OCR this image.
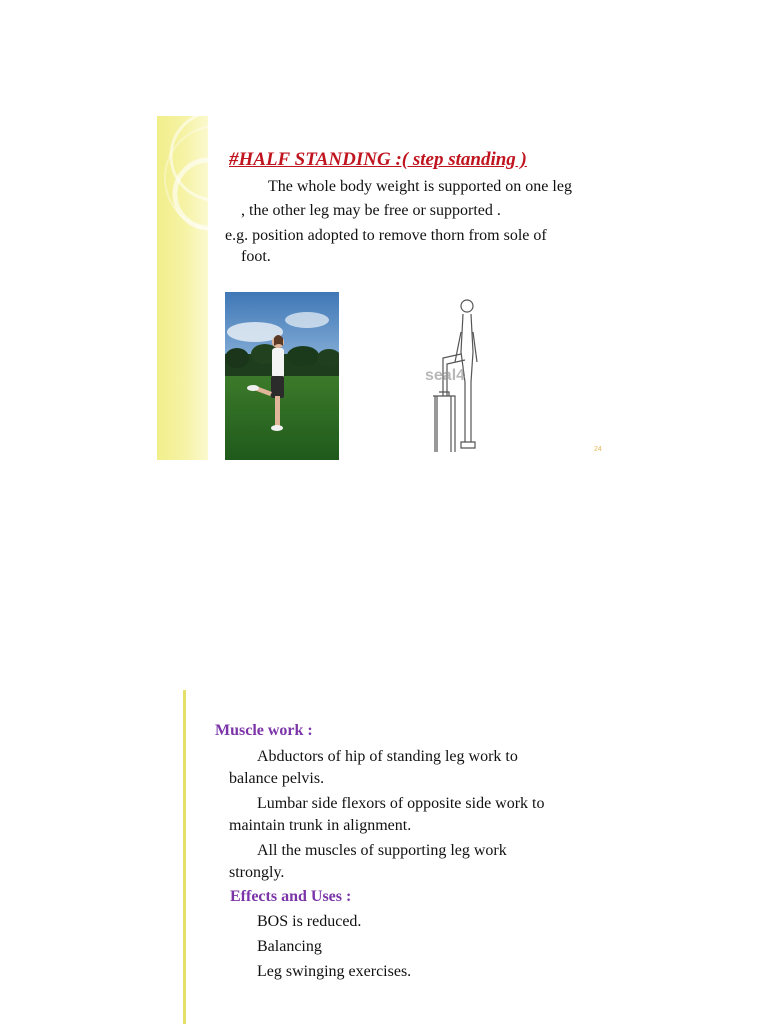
#HALF STANDING :( step standing )

The whole body weight is supported on one leg

, the other leg may be free or supported .

e.g. position adopted to remove thorn from sole of

foot.

seal4
24
Muscle work :

Abductors of hip of standing leg work to

balance pelvis.

Lumbar side flexors of opposite side work to

maintain trunk in alignment.

All the muscles of supporting leg work

strongly.

Effects and Uses :

BOS is reduced.

Balancing

Leg swinging exercises.
